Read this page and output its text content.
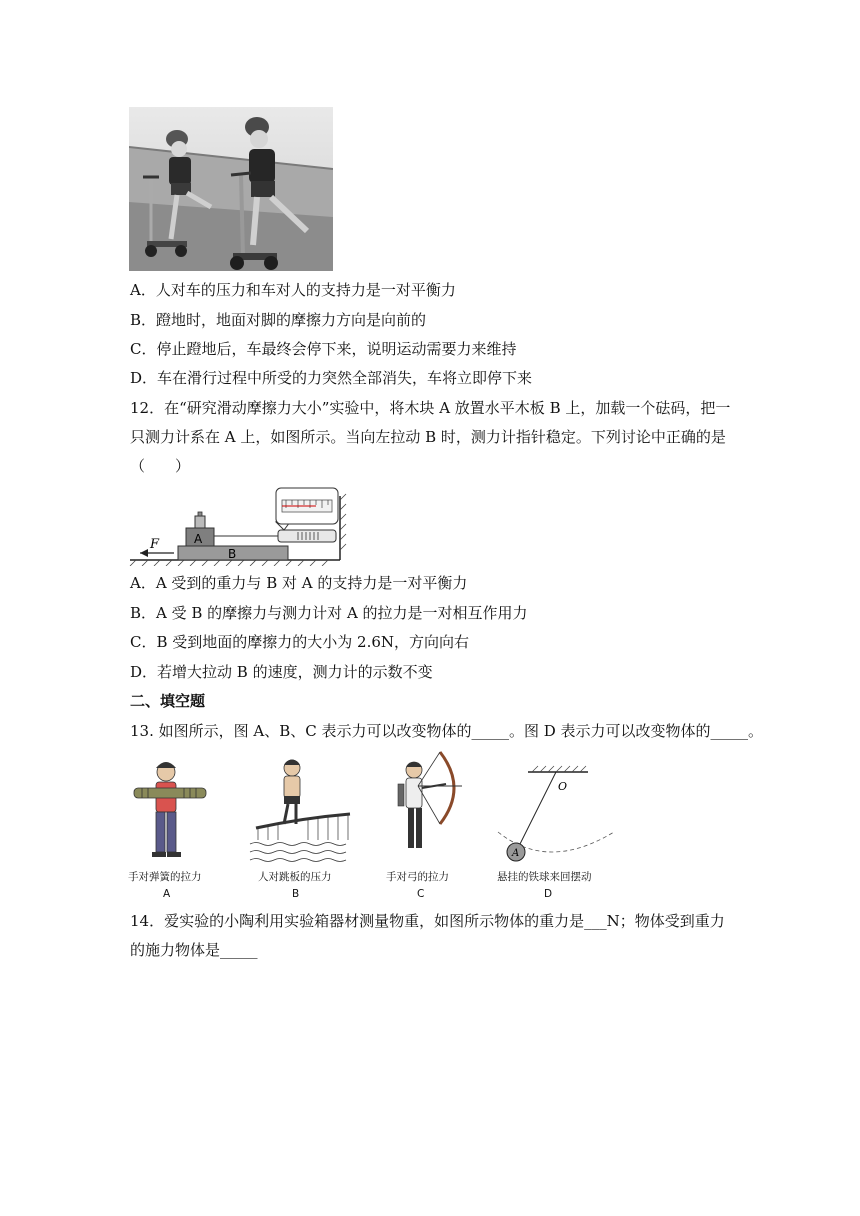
A．人对车的压力和车对人的支持力是一对平衡力
B．蹬地时，地面对脚的摩擦力方向是向前的
C．停止蹬地后，车最终会停下来，说明运动需要力来维持
D．车在滑行过程中所受的力突然全部消失，车将立即停下来
12．在“研究滑动摩擦力大小”实验中，将木块 A 放置水平木板 B 上，加载一个砝码，把一
只测力计系在 A 上，如图所示。当向左拉动 B 时，测力计指针稳定。下列讨论中正确的是
（　　）
F	A
B
A．A 受到的重力与 B 对 A 的支持力是一对平衡力
B．A 受 B 的摩擦力与测力计对 A 的拉力是一对相互作用力
C．B 受到地面的摩擦力的大小为 2.6N，方向向右
D．若增大拉动 B 的速度，测力计的示数不变
二、填空题
13. 如图所示，图 A、B、C 表示力可以改变物体的_____。图 D 表示力可以改变物体的_____。
O
A
手对弹簧的拉力
A
人对跳板的压力
B
手对弓的拉力
C
悬挂的铁球来回摆动
D
14．爱实验的小陶利用实验箱器材测量物重，如图所示物体的重力是___N；物体受到重力
的施力物体是_____
